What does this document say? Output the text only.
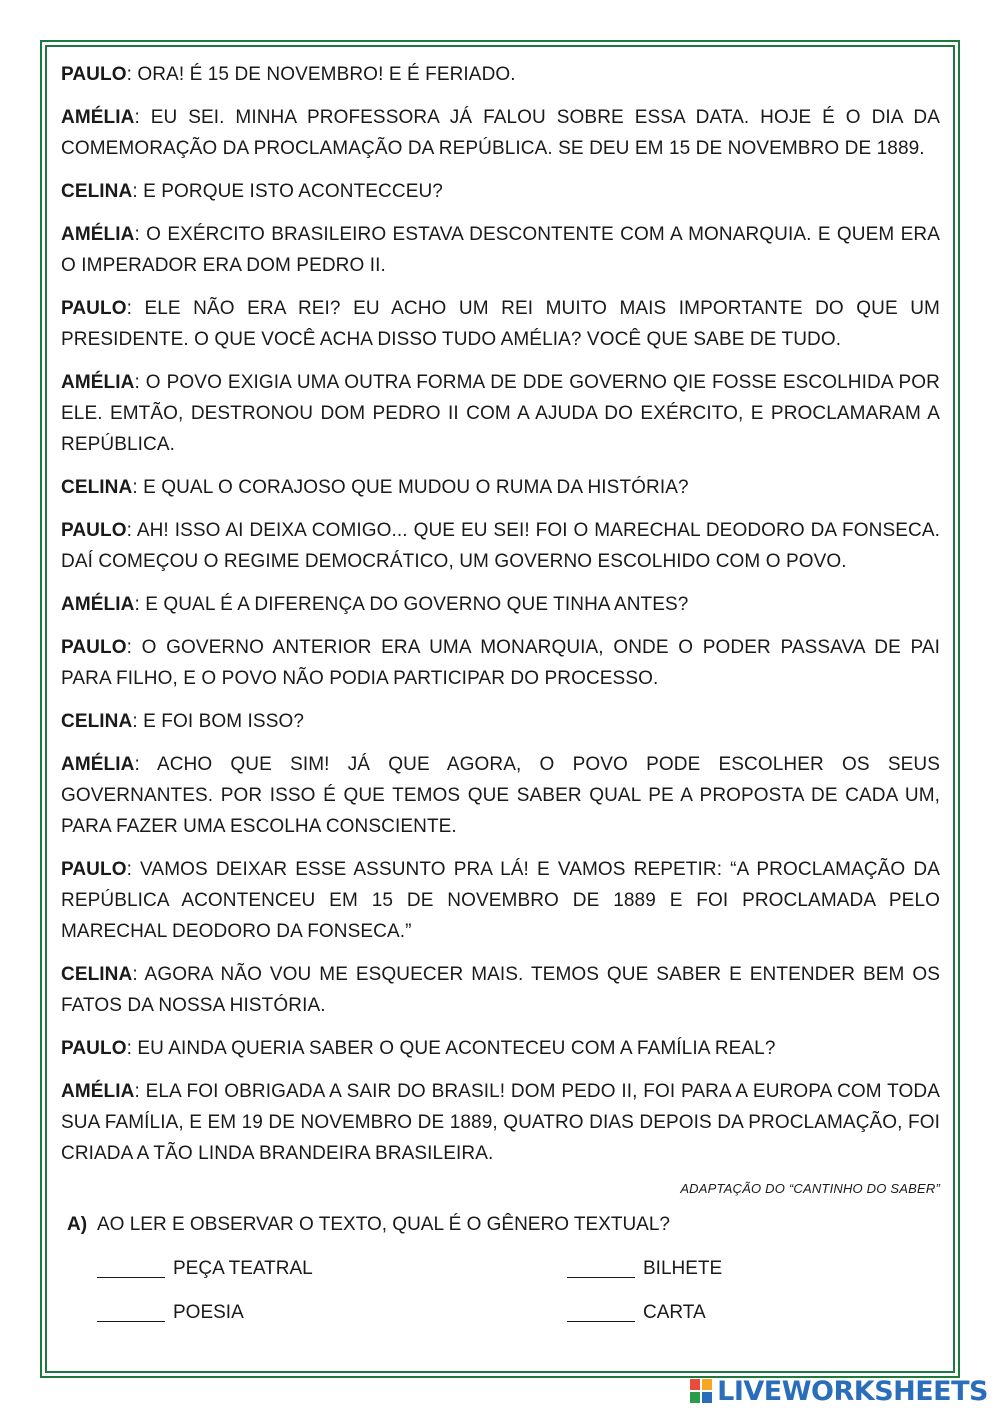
PAULO: ORA! É 15 DE NOVEMBRO! E É FERIADO.

AMÉLIA: EU SEI. MINHA PROFESSORA JÁ FALOU SOBRE ESSA DATA. HOJE É O DIA DA COMEMORAÇÃO DA PROCLAMAÇÃO DA REPÚBLICA. SE DEU EM 15 DE NOVEMBRO DE 1889.

CELINA: E PORQUE ISTO ACONTECCEU?

AMÉLIA: O EXÉRCITO BRASILEIRO ESTAVA DESCONTENTE COM A MONARQUIA. E QUEM ERA O IMPERADOR ERA DOM PEDRO II.

PAULO: ELE NÃO ERA REI? EU ACHO UM REI MUITO MAIS IMPORTANTE DO QUE UM PRESIDENTE. O QUE VOCÊ ACHA DISSO TUDO AMÉLIA? VOCÊ QUE SABE DE TUDO.

AMÉLIA: O POVO EXIGIA UMA OUTRA FORMA DE DDE GOVERNO QIE FOSSE ESCOLHIDA POR ELE. EMTÃO, DESTRONOU DOM PEDRO II COM A AJUDA DO EXÉRCITO, E PROCLAMARAM A REPÚBLICA.

CELINA: E QUAL O CORAJOSO QUE MUDOU O RUMA DA HISTÓRIA?

PAULO: AH! ISSO AI DEIXA COMIGO... QUE EU SEI! FOI O MARECHAL DEODORO DA FONSECA. DAÍ COMEÇOU O REGIME DEMOCRÁTICO, UM GOVERNO ESCOLHIDO COM O POVO.

AMÉLIA: E QUAL É A DIFERENÇA DO GOVERNO QUE TINHA ANTES?

PAULO: O GOVERNO ANTERIOR ERA UMA MONARQUIA, ONDE O PODER PASSAVA DE PAI PARA FILHO, E O POVO NÃO PODIA PARTICIPAR DO PROCESSO.

CELINA: E FOI BOM ISSO?

AMÉLIA: ACHO QUE SIM! JÁ QUE AGORA, O POVO PODE ESCOLHER OS SEUS GOVERNANTES. POR ISSO É QUE TEMOS QUE SABER QUAL PE A PROPOSTA DE CADA UM, PARA FAZER UMA ESCOLHA CONSCIENTE.

PAULO: VAMOS DEIXAR ESSE ASSUNTO PRA LÁ! E VAMOS REPETIR: “A PROCLAMAÇÃO DA REPÚBLICA ACONTENCEU EM 15 DE NOVEMBRO DE 1889 E FOI PROCLAMADA PELO MARECHAL DEODORO DA FONSECA.”

CELINA: AGORA NÃO VOU ME ESQUECER MAIS. TEMOS QUE SABER E ENTENDER BEM OS FATOS DA NOSSA HISTÓRIA.

PAULO: EU AINDA QUERIA SABER O QUE ACONTECEU COM A FAMÍLIA REAL?

AMÉLIA: ELA FOI OBRIGADA A SAIR DO BRASIL! DOM PEDO II, FOI PARA A EUROPA COM TODA SUA FAMÍLIA, E EM 19 DE NOVEMBRO DE 1889, QUATRO DIAS DEPOIS DA PROCLAMAÇÃO, FOI CRIADA A TÃO LINDA BRANDEIRA BRASILEIRA.

ADAPTAÇÃO DO “CANTINHO DO SABER”
A) AO LER E OBSERVAR O TEXTO, QUAL É O GÊNERO TEXTUAL?
PEÇA TEATRAL	BILHETE
POESIA	CARTA
LIVEWORKSHEETS
